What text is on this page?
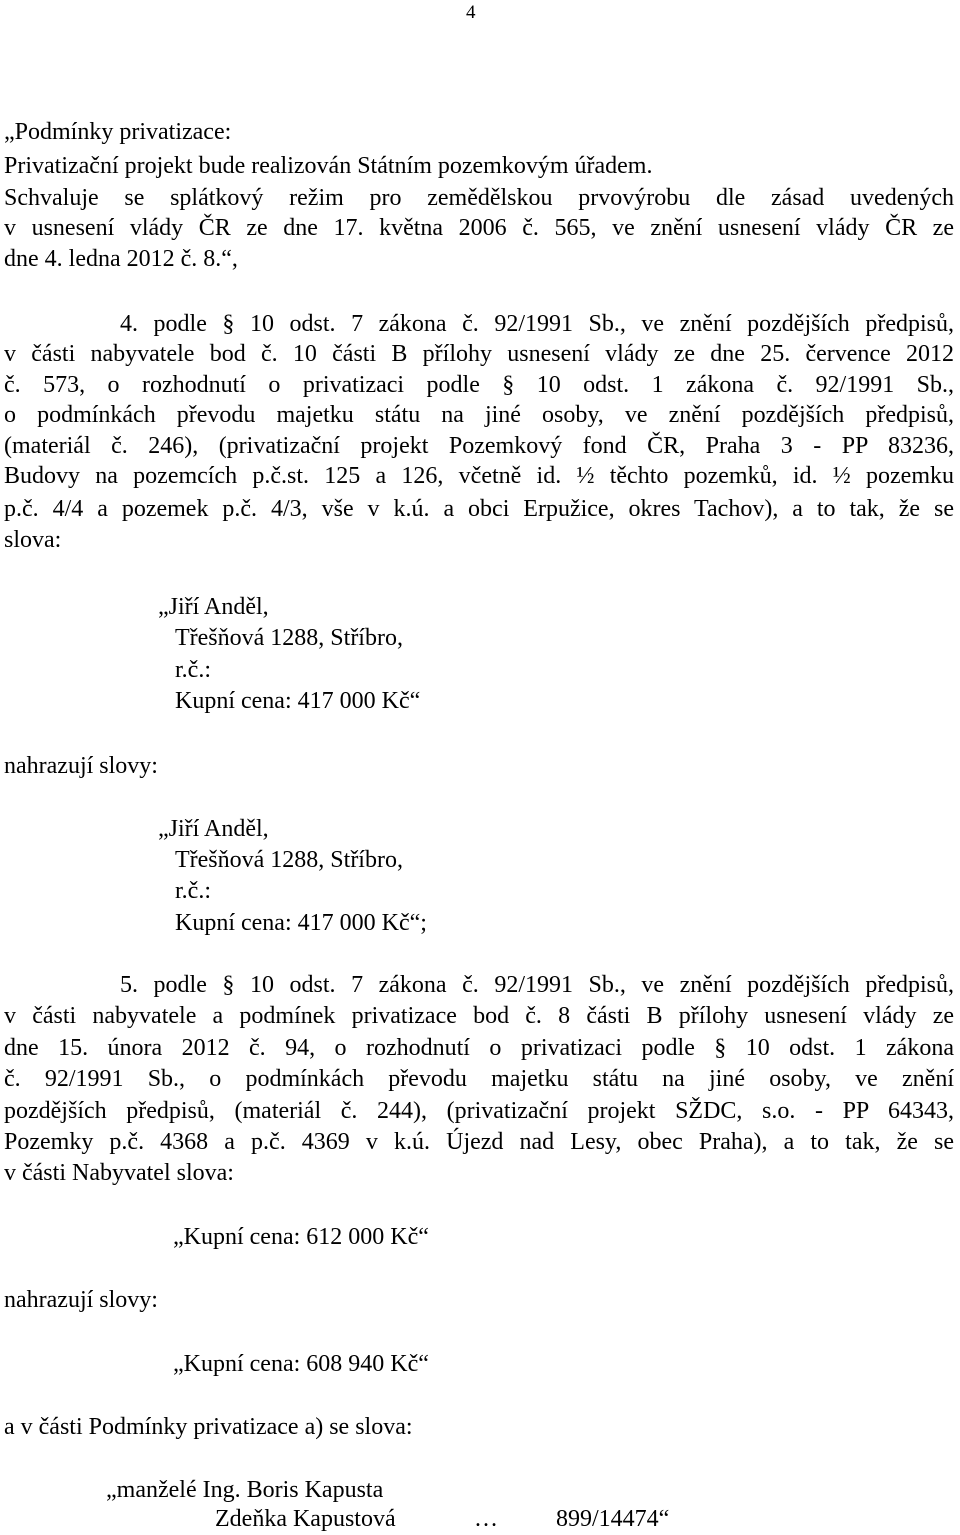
4
„Podmínky privatizace:
Privatizační projekt bude realizován Státním pozemkovým úřadem.
Schvaluje se splátkový režim pro zemědělskou prvovýrobu dle zásad uvedených
v usnesení vlády ČR ze dne 17. května 2006 č. 565, ve znění usnesení vlády ČR ze
dne 4. ledna 2012 č. 8.“,
4. podle § 10 odst. 7 zákona č. 92/1991 Sb., ve znění pozdějších předpisů,
v části nabyvatele bod č. 10 části B přílohy usnesení vlády ze dne 25. července 2012
č. 573, o rozhodnutí o privatizaci podle § 10 odst. 1 zákona č. 92/1991 Sb.,
o podmínkách převodu majetku státu na jiné osoby, ve znění pozdějších předpisů,
(materiál č. 246), (privatizační projekt Pozemkový fond ČR, Praha 3 - PP 83236,
Budovy na pozemcích p.č.st. 125 a 126, včetně id. ½ těchto pozemků, id. ½ pozemku
p.č. 4/4 a pozemek p.č. 4/3, vše v k.ú. a obci Erpužice, okres Tachov), a to tak, že se
slova:
„Jiří Anděl,
Třešňová 1288, Stříbro,
r.č.:
Kupní cena: 417 000 Kč“
nahrazují slovy:
„Jiří Anděl,
Třešňová 1288, Stříbro,
r.č.:
Kupní cena: 417 000 Kč“;
5. podle § 10 odst. 7 zákona č. 92/1991 Sb., ve znění pozdějších předpisů,
v části nabyvatele a podmínek privatizace bod č. 8 části B přílohy usnesení vlády ze
dne 15. února 2012 č. 94, o rozhodnutí o privatizaci podle § 10 odst. 1 zákona
č. 92/1991 Sb., o podmínkách převodu majetku státu na jiné osoby, ve znění
pozdějších předpisů, (materiál č. 244), (privatizační projekt SŽDC, s.o. - PP 64343,
Pozemky p.č. 4368 a p.č. 4369 v k.ú. Újezd nad Lesy, obec Praha), a to tak, že se
v části Nabyvatel slova:
„Kupní cena: 612 000 Kč“
nahrazují slovy:
„Kupní cena: 608 940 Kč“
a v části Podmínky privatizace a) se slova:
„manželé Ing. Boris Kapusta
Zdeňka Kapustová	… 899/14474“
